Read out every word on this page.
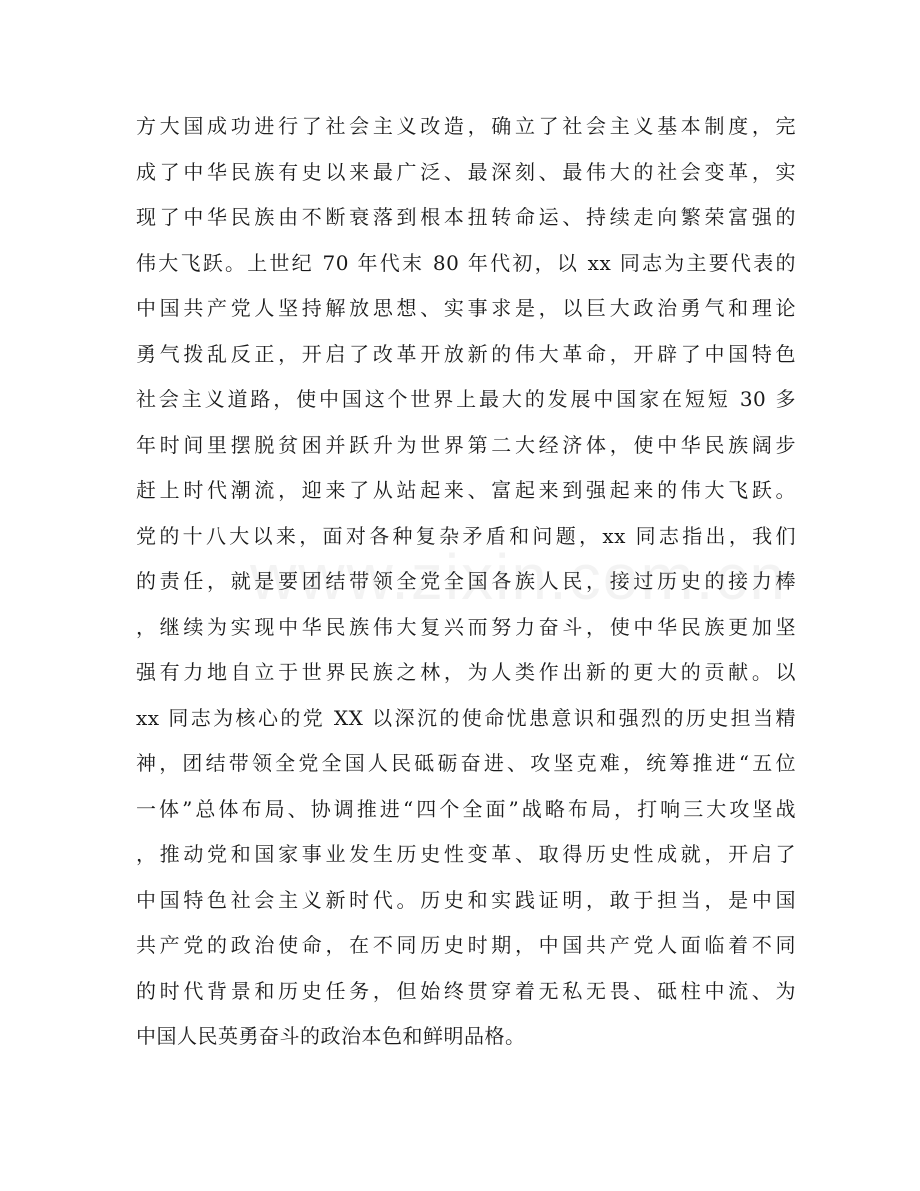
方大国成功进行了社会主义改造，确立了社会主义基本制度，完
成了中华民族有史以来最广泛、最深刻、最伟大的社会变革，实
现了中华民族由不断衰落到根本扭转命运、持续走向繁荣富强的
伟大飞跃。上世纪 70 年代末 80 年代初，以 xx 同志为主要代表的
中国共产党人坚持解放思想、实事求是，以巨大政治勇气和理论
勇气拨乱反正，开启了改革开放新的伟大革命，开辟了中国特色
社会主义道路，使中国这个世界上最大的发展中国家在短短 30 多
年时间里摆脱贫困并跃升为世界第二大经济体，使中华民族阔步
赶上时代潮流，迎来了从站起来、富起来到强起来的伟大飞跃。
党的十八大以来，面对各种复杂矛盾和问题，xx 同志指出，我们
的责任，就是要团结带领全党全国各族人民，接过历史的接力棒
，继续为实现中华民族伟大复兴而努力奋斗，使中华民族更加坚
强有力地自立于世界民族之林，为人类作出新的更大的贡献。以
xx 同志为核心的党 XX 以深沉的使命忧患意识和强烈的历史担当精
神，团结带领全党全国人民砥砺奋进、攻坚克难，统筹推进“五位
一体”总体布局、协调推进“四个全面”战略布局，打响三大攻坚战
，推动党和国家事业发生历史性变革、取得历史性成就，开启了
中国特色社会主义新时代。历史和实践证明，敢于担当，是中国
共产党的政治使命，在不同历史时期，中国共产党人面临着不同
的时代背景和历史任务，但始终贯穿着无私无畏、砥柱中流、为
中国人民英勇奋斗的政治本色和鲜明品格。
